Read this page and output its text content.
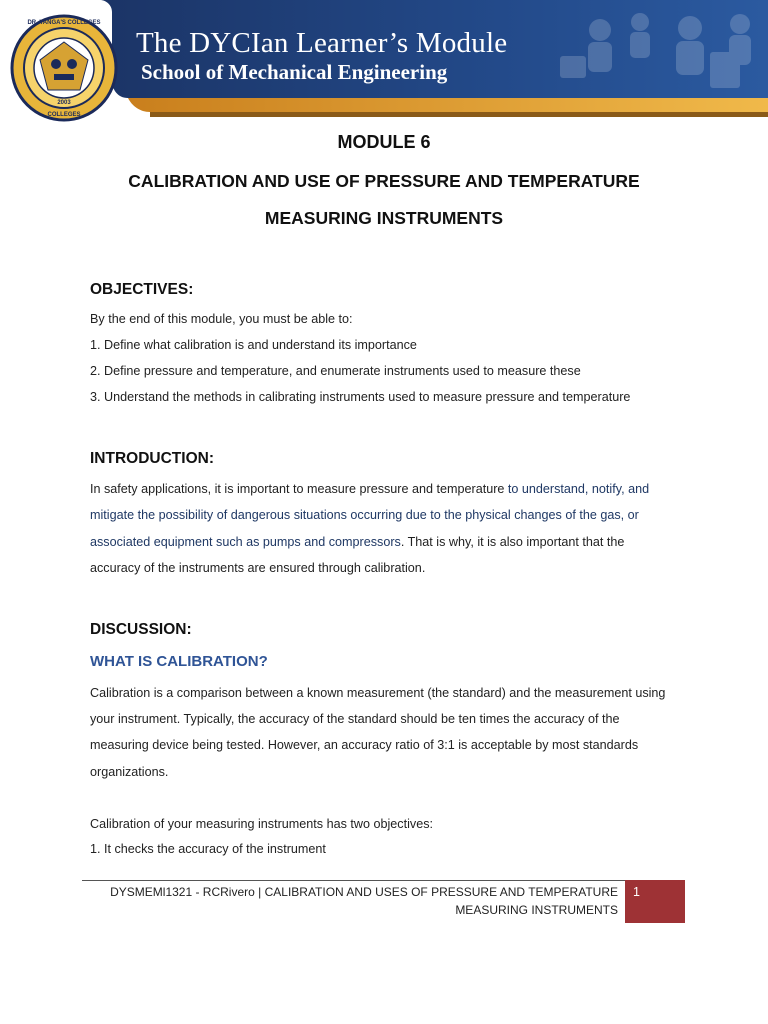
2003
DR. YANGA'S COLLEGES
COLLEGES
The DYCIan Learner’s Module
School of Mechanical Engineering
MODULE 6
CALIBRATION AND USE OF PRESSURE AND TEMPERATURE
MEASURING INSTRUMENTS
OBJECTIVES:

By the end of this module, you must be able to:

1. Define what calibration is and understand its importance

2. Define pressure and temperature, and enumerate instruments used to measure these

3. Understand the methods in calibrating instruments used to measure pressure and temperature

INTRODUCTION:

In safety applications, it is important to measure pressure and temperature to understand, notify, and

mitigate the possibility of dangerous situations occurring due to the physical changes of the gas, or

associated equipment such as pumps and compressors. That is why, it is also important that the

accuracy of the instruments are ensured through calibration.

DISCUSSION:
WHAT IS CALIBRATION?

Calibration is a comparison between a known measurement (the standard) and the measurement using

your instrument. Typically, the accuracy of the standard should be ten times the accuracy of the

measuring device being tested. However, an accuracy ratio of 3:1 is acceptable by most standards

organizations.

Calibration of your measuring instruments has two objectives:

1. It checks the accuracy of the instrument

DYSMEMl1321 - RCRivero | CALIBRATION AND USES OF PRESSURE AND TEMPERATURE
MEASURING INSTRUMENTS
1
